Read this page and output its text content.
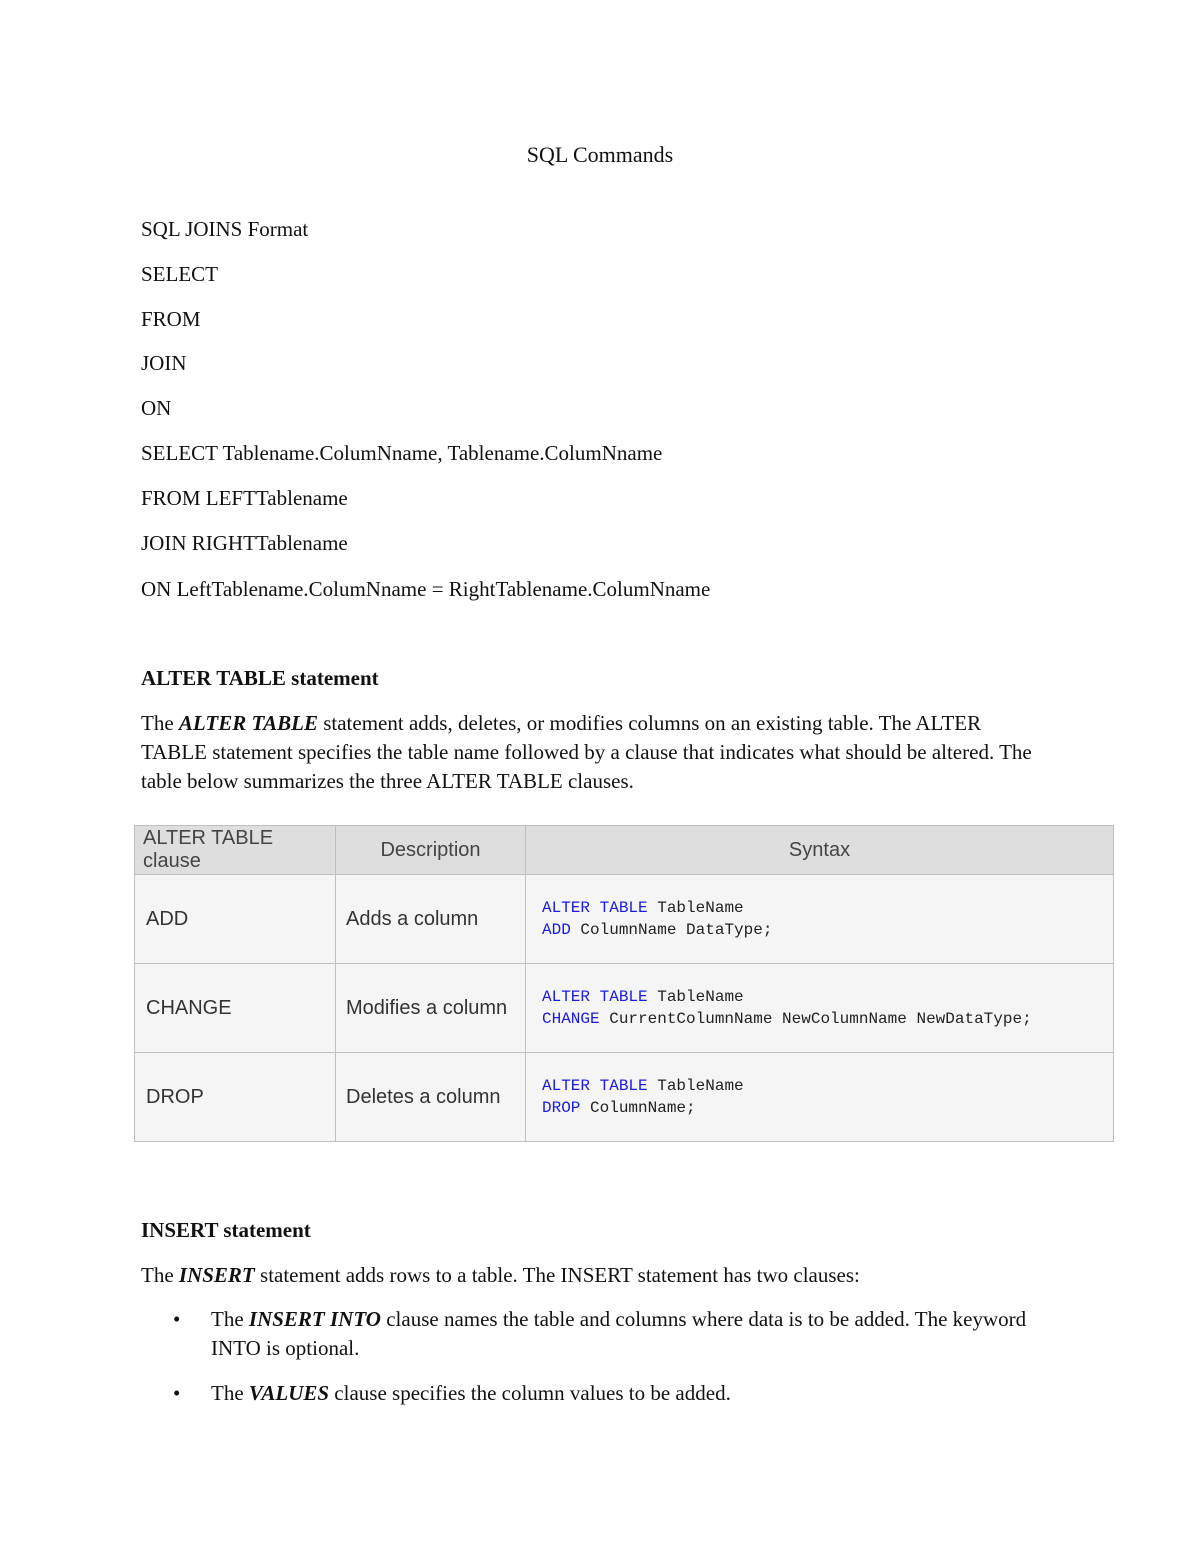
SQL Commands
SQL JOINS Format
SELECT
FROM
JOIN
ON
SELECT Tablename.ColumNname, Tablename.ColumNname
FROM LEFTTablename
JOIN RIGHTTablename
ON LeftTablename.ColumNname = RightTablename.ColumNname
ALTER TABLE statement
The ALTER TABLE statement adds, deletes, or modifies columns on an existing table. The ALTER TABLE statement specifies the table name followed by a clause that indicates what should be altered. The table below summarizes the three ALTER TABLE clauses.
ALTER TABLE clause	Description	Syntax
ADD	Adds a column	ALTER TABLE TableName
ADD ColumnName DataType;
CHANGE	Modifies a column	ALTER TABLE TableName
CHANGE CurrentColumnName NewColumnName NewDataType;
DROP	Deletes a column	ALTER TABLE TableName
DROP ColumnName;
INSERT statement
The INSERT statement adds rows to a table. The INSERT statement has two clauses:
• The INSERT INTO clause names the table and columns where data is to be added. The keyword INTO is optional.
• The VALUES clause specifies the column values to be added.
